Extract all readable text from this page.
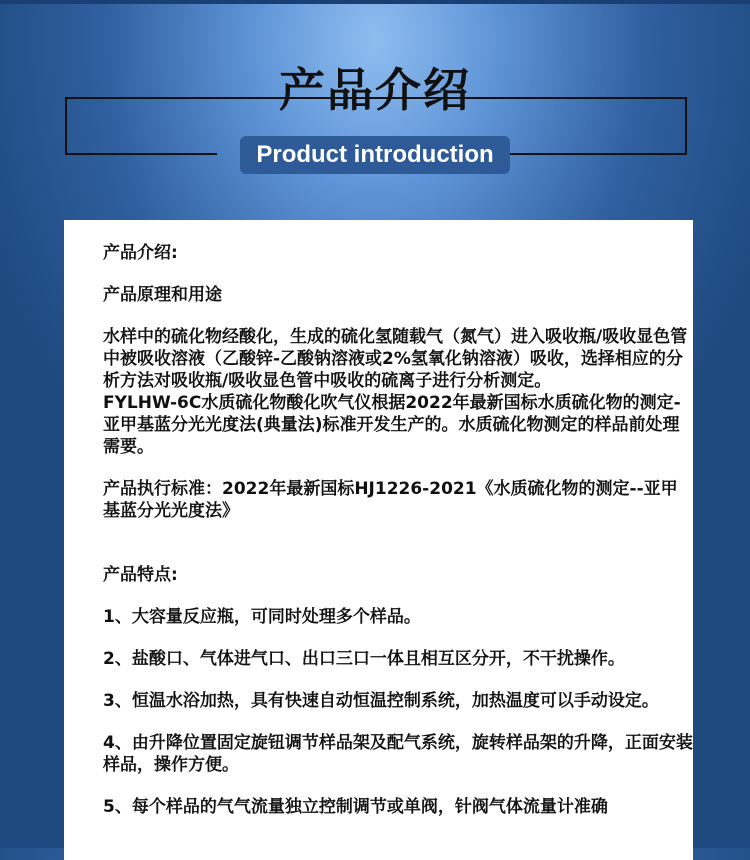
产品介绍
Product introduction

产品介绍:

产品原理和用途

水样中的硫化物经酸化，生成的硫化氢随载气（氮气）进入吸收瓶/吸收显色管中被吸收溶液（乙酸锌-乙酸钠溶液或2%氢氧化钠溶液）吸收，选择相应的分析方法对吸收瓶/吸收显色管中吸收的硫离子进行分析测定。

FYLHW-6C水质硫化物酸化吹气仪根据2022年最新国标水质硫化物的测定-亚甲基蓝分光光度法(典量法)标准开发生产的。水质硫化物测定的样品前处理需要。

产品执行标准：2022年最新国标HJ1226-2021《水质硫化物的测定--亚甲基蓝分光光度法》

产品特点:

1、大容量反应瓶，可同时处理多个样品。

2、盐酸口、气体进气口、出口三口一体且相互区分开，不干扰操作。

3、恒温水浴加热，具有快速自动恒温控制系统，加热温度可以手动设定。

4、由升降位置固定旋钮调节样品架及配气系统，旋转样品架的升降，正面安装样品，操作方便。

5、每个样品的气气流量独立控制调节或单阀，针阀气体流量计准确
